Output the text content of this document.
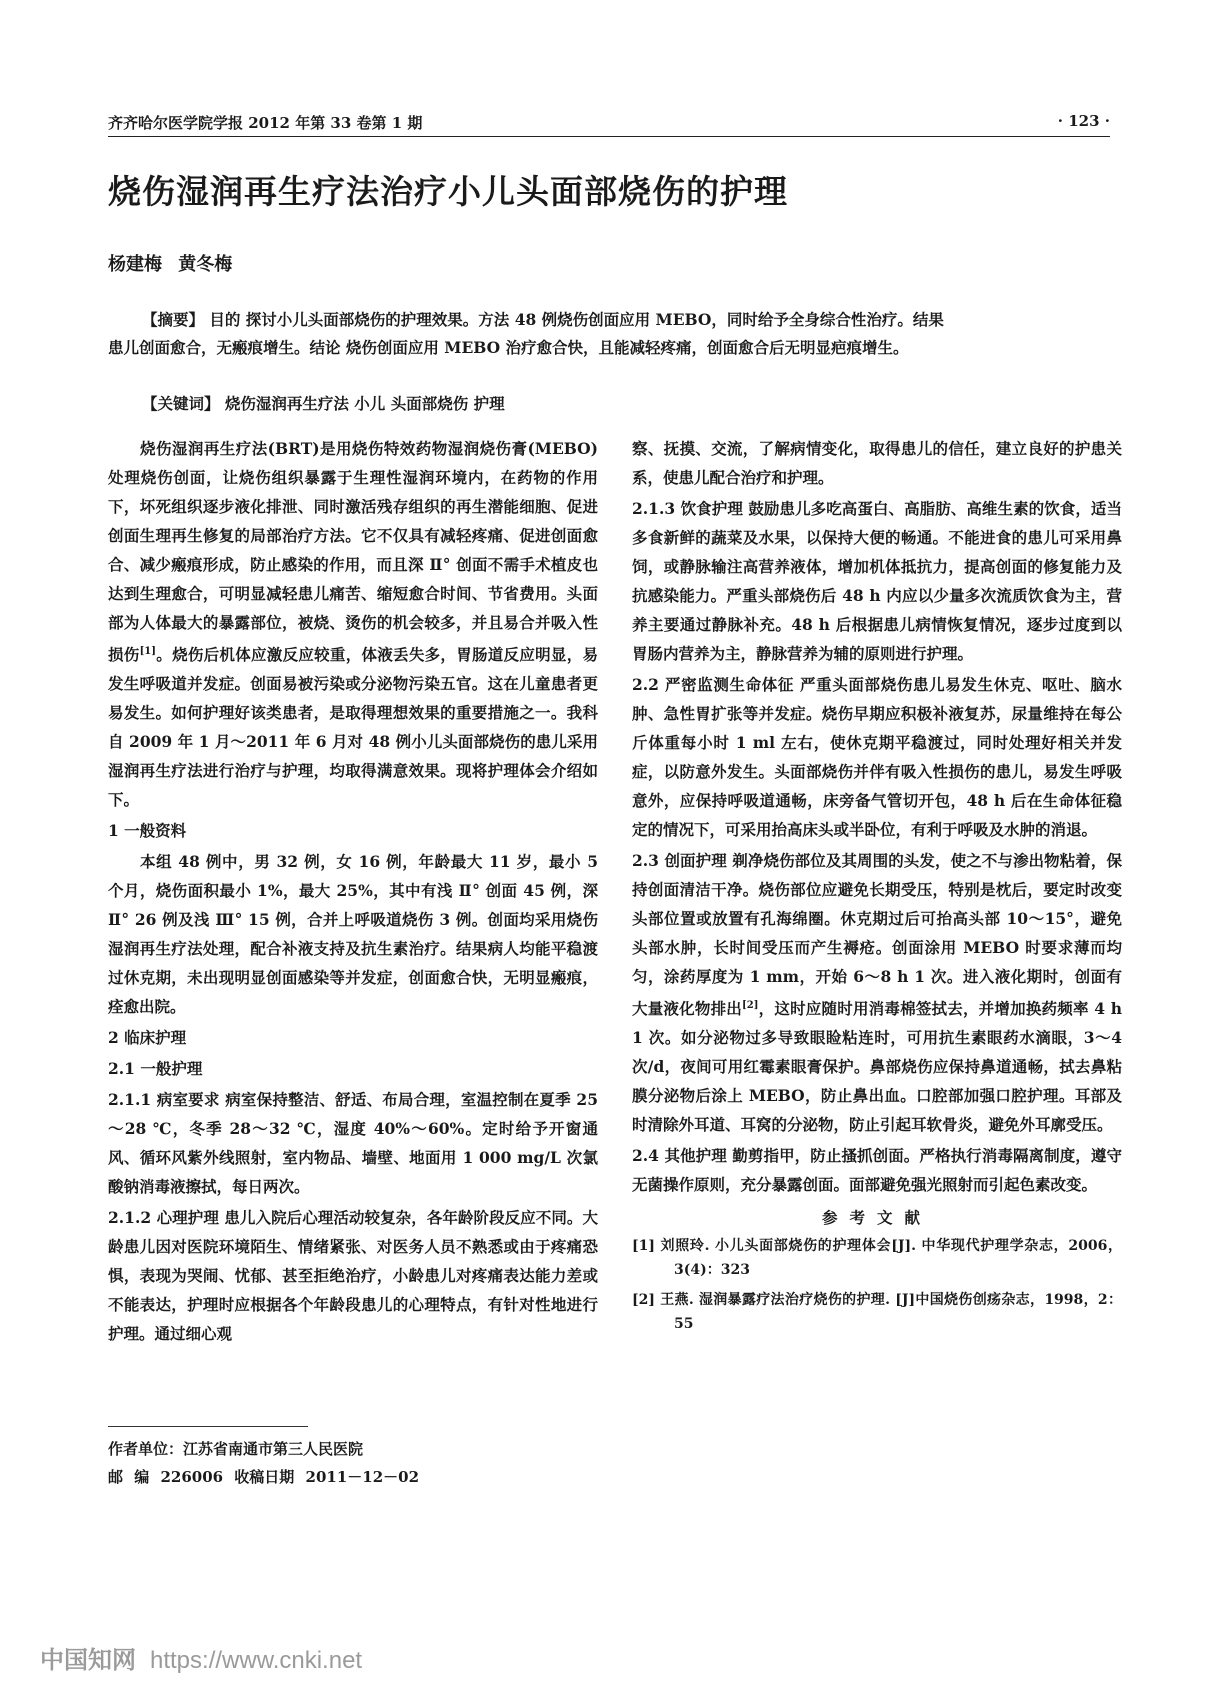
齐齐哈尔医学院学报 2012 年第 33 卷第 1 期	· 123 ·
烧伤湿润再生疗法治疗小儿头面部烧伤的护理
杨建梅 黄冬梅
【摘要】 目的 探讨小儿头面部烧伤的护理效果。方法 48 例烧伤创面应用 MEBO，同时给予全身综合性治疗。结果 患儿创面愈合，无瘢痕增生。结论 烧伤创面应用 MEBO 治疗愈合快，且能减轻疼痛，创面愈合后无明显疤痕增生。
【关键词】 烧伤湿润再生疗法 小儿 头面部烧伤 护理

烧伤湿润再生疗法(BRT)是用烧伤特效药物湿润烧伤膏(MEBO)处理烧伤创面，让烧伤组织暴露于生理性湿润环境内，在药物的作用下，坏死组织逐步液化排泄、同时激活残存组织的再生潜能细胞、促进创面生理再生修复的局部治疗方法。它不仅具有减轻疼痛、促进创面愈合、减少瘢痕形成，防止感染的作用，而且深 Ⅱ° 创面不需手术植皮也达到生理愈合，可明显减轻患儿痛苦、缩短愈合时间、节省费用。头面部为人体最大的暴露部位，被烧、烫伤的机会较多，并且易合并吸入性损伤[1]。烧伤后机体应激反应较重，体液丢失多，胃肠道反应明显，易发生呼吸道并发症。创面易被污染或分泌物污染五官。这在儿童患者更易发生。如何护理好该类患者，是取得理想效果的重要措施之一。我科自 2009 年 1 月～2011 年 6 月对 48 例小儿头面部烧伤的患儿采用湿润再生疗法进行治疗与护理，均取得满意效果。现将护理体会介绍如下。

1 一般资料

本组 48 例中，男 32 例，女 16 例，年龄最大 11 岁，最小 5 个月，烧伤面积最小 1%，最大 25%，其中有浅 Ⅱ° 创面 45 例，深 Ⅱ° 26 例及浅 Ⅲ° 15 例，合并上呼吸道烧伤 3 例。创面均采用烧伤湿润再生疗法处理，配合补液支持及抗生素治疗。结果病人均能平稳渡过休克期，未出现明显创面感染等并发症，创面愈合快，无明显瘢痕，痊愈出院。

2 临床护理

2.1 一般护理

2.1.1 病室要求 病室保持整洁、舒适、布局合理，室温控制在夏季 25～28 ℃，冬季 28～32 ℃，湿度 40%～60%。定时给予开窗通风、循环风紫外线照射，室内物品、墙壁、地面用 1 000 mg/L 次氯酸钠消毒液擦拭，每日两次。

2.1.2 心理护理 患儿入院后心理活动较复杂，各年龄阶段反应不同。大龄患儿因对医院环境陌生、情绪紧张、对医务人员不熟悉或由于疼痛恐惧，表现为哭闹、忧郁、甚至拒绝治疗，小龄患儿对疼痛表达能力差或不能表达，护理时应根据各个年龄段患儿的心理特点，有针对性地进行护理。通过细心观

察、抚摸、交流，了解病情变化，取得患儿的信任，建立良好的护患关系，使患儿配合治疗和护理。

2.1.3 饮食护理 鼓励患儿多吃高蛋白、高脂肪、高维生素的饮食，适当多食新鲜的蔬菜及水果，以保持大便的畅通。不能进食的患儿可采用鼻饲，或静脉输注高营养液体，增加机体抵抗力，提高创面的修复能力及抗感染能力。严重头部烧伤后 48 h 内应以少量多次流质饮食为主，营养主要通过静脉补充。48 h 后根据患儿病情恢复情况，逐步过度到以胃肠内营养为主，静脉营养为辅的原则进行护理。

2.2 严密监测生命体征 严重头面部烧伤患儿易发生休克、呕吐、脑水肿、急性胃扩张等并发症。烧伤早期应积极补液复苏，尿量维持在每公斤体重每小时 1 ml 左右，使休克期平稳渡过，同时处理好相关并发症，以防意外发生。头面部烧伤并伴有吸入性损伤的患儿，易发生呼吸意外，应保持呼吸道通畅，床旁备气管切开包，48 h 后在生命体征稳定的情况下，可采用抬高床头或半卧位，有利于呼吸及水肿的消退。

2.3 创面护理 剃净烧伤部位及其周围的头发，使之不与渗出物粘着，保持创面清洁干净。烧伤部位应避免长期受压，特别是枕后，要定时改变头部位置或放置有孔海绵圈。休克期过后可抬高头部 10～15°，避免头部水肿，长时间受压而产生褥疮。创面涂用 MEBO 时要求薄而均匀，涂药厚度为 1 mm，开始 6～8 h 1 次。进入液化期时，创面有大量液化物排出[2]，这时应随时用消毒棉签拭去，并增加换药频率 4 h 1 次。如分泌物过多导致眼睑粘连时，可用抗生素眼药水滴眼，3～4 次/d，夜间可用红霉素眼膏保护。鼻部烧伤应保持鼻道通畅，拭去鼻粘膜分泌物后涂上 MEBO，防止鼻出血。口腔部加强口腔护理。耳部及时清除外耳道、耳窝的分泌物，防止引起耳软骨炎，避免外耳廓受压。

2.4 其他护理 勤剪指甲，防止搔抓创面。严格执行消毒隔离制度，遵守无菌操作原则，充分暴露创面。面部避免强光照射而引起色素改变。

参考文献

[1] 刘照玲. 小儿头面部烧伤的护理体会[J]. 中华现代护理学杂志，2006，3(4)：323

[2] 王燕. 湿润暴露疗法治疗烧伤的护理. [J]中国烧伤创疡杂志，1998，2：55

作者单位：江苏省南通市第三人民医院
邮 编 226006 收稿日期 2011－12－02
中国知网 https://www.cnki.net
